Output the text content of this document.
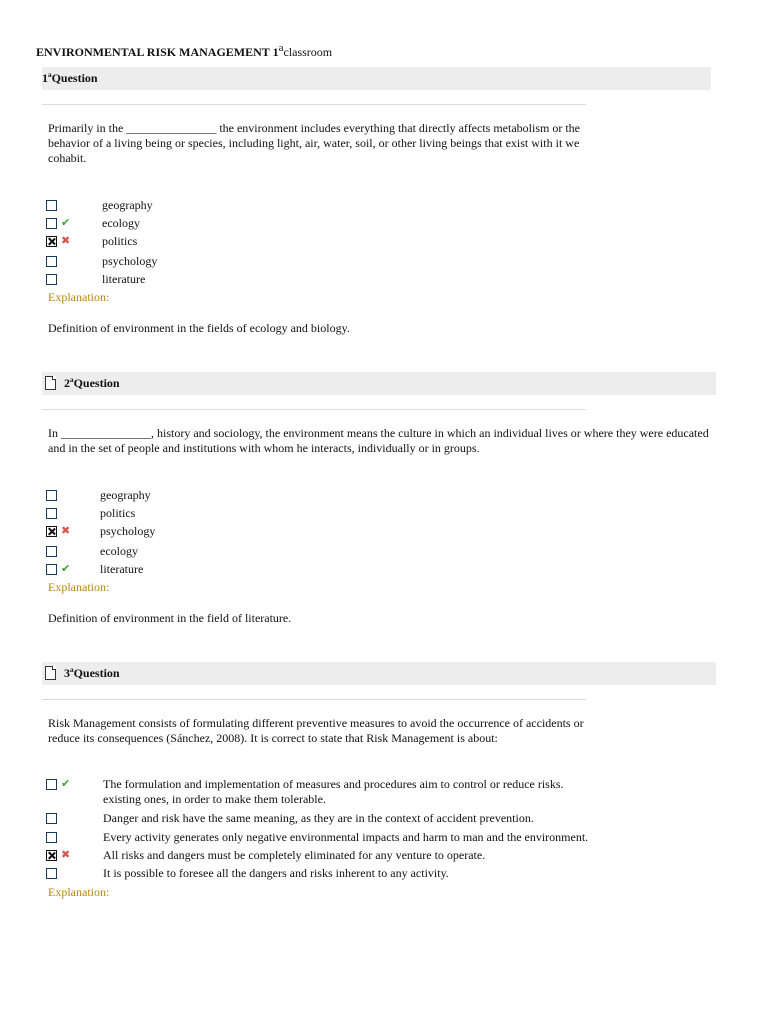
ENVIRONMENTAL RISK MANAGEMENT 1$^a$classroom
1ªQuestion
Primarily in the _______________ the environment includes everything that directly affects metabolism or the behavior of a living being or species, including light, air, water, soil, or other living beings that exist with it we cohabit.
geography
✔	ecology
✖	politics
psychology
literature
Explanation:
Definition of environment in the fields of ecology and biology.
2ªQuestion
In _______________, history and sociology, the environment means the culture in which an individual lives or where they were educated and in the set of people and institutions with whom he interacts, individually or in groups.
geography
politics
✖ psychology
ecology
✔ literature
Explanation:
Definition of environment in the field of literature.
3ªQuestion
Risk Management consists of formulating different preventive measures to avoid the occurrence of accidents or reduce its consequences (Sánchez, 2008). It is correct to state that Risk Management is about:
✔	The formulation and implementation of measures and procedures aim to control or reduce risks.
existing ones, in order to make them tolerable.
Danger and risk have the same meaning, as they are in the context of accident prevention.
Every activity generates only negative environmental impacts and harm to man and the environment.
✖	All risks and dangers must be completely eliminated for any venture to operate.
It is possible to foresee all the dangers and risks inherent to any activity.
Explanation:
